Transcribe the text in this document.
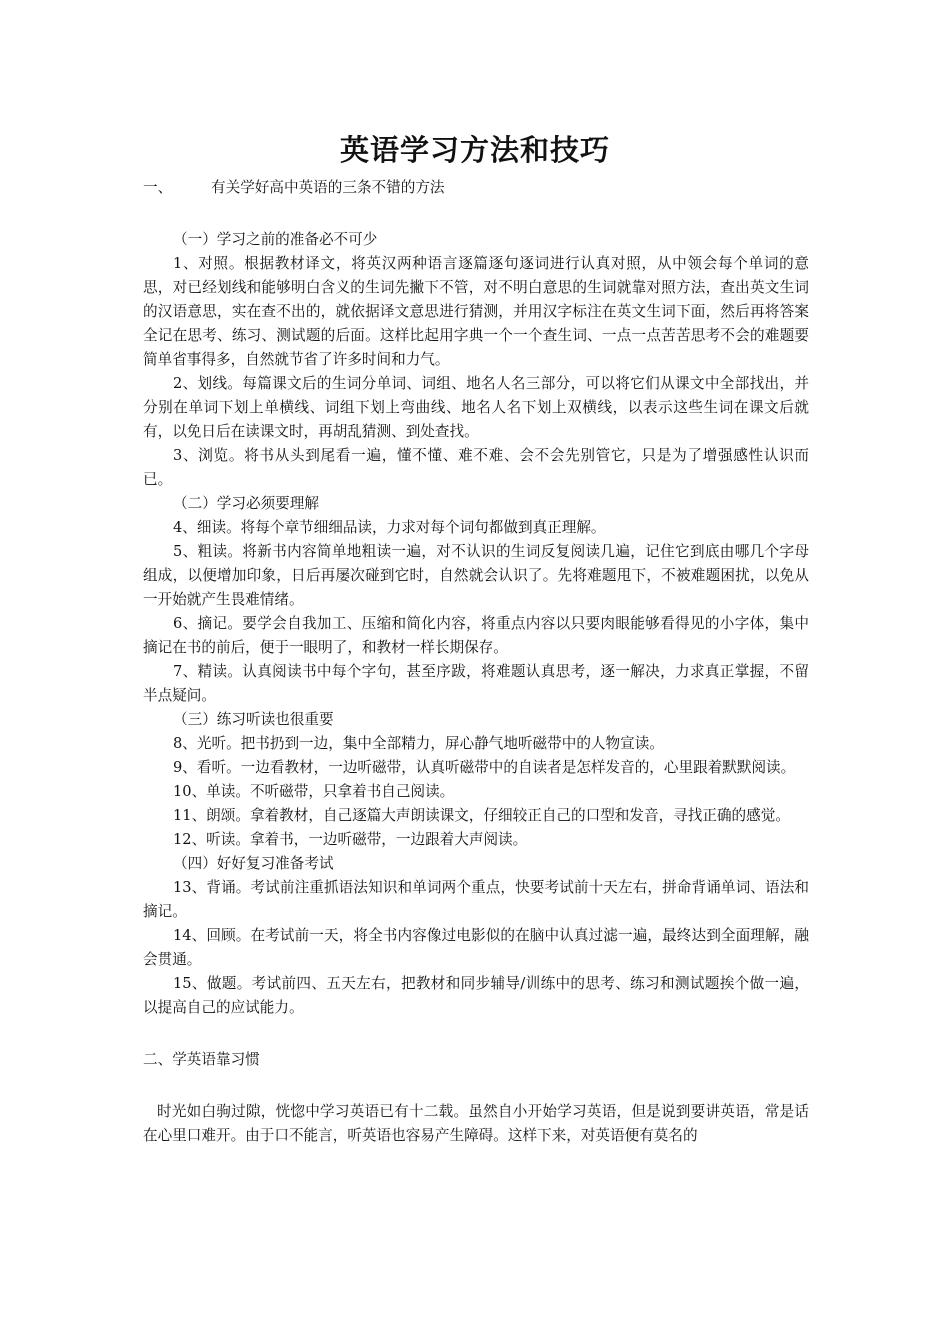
英语学习方法和技巧

一、	有关学好高中英语的三条不错的方法

（一）学习之前的准备必不可少

1、对照。根据教材译文，将英汉两种语言逐篇逐句逐词进行认真对照，从中领会每个单词的意思，对已经划线和能够明白含义的生词先撇下不管，对不明白意思的生词就靠对照方法，查出英文生词的汉语意思，实在查不出的，就依据译文意思进行猜测，并用汉字标注在英文生词下面，然后再将答案全记在思考、练习、测试题的后面。这样比起用字典一个一个查生词、一点一点苦苦思考不会的难题要简单省事得多，自然就节省了许多时间和力气。

2、划线。每篇课文后的生词分单词、词组、地名人名三部分，可以将它们从课文中全部找出，并分别在单词下划上单横线、词组下划上弯曲线、地名人名下划上双横线，以表示这些生词在课文后就有，以免日后在读课文时，再胡乱猜测、到处查找。

3、浏览。将书从头到尾看一遍，懂不懂、难不难、会不会先别管它，只是为了增强感性认识而已。

（二）学习必须要理解

4、细读。将每个章节细细品读，力求对每个词句都做到真正理解。

5、粗读。将新书内容简单地粗读一遍，对不认识的生词反复阅读几遍，记住它到底由哪几个字母组成，以便增加印象，日后再屡次碰到它时，自然就会认识了。先将难题甩下，不被难题困扰，以免从一开始就产生畏难情绪。

6、摘记。要学会自我加工、压缩和简化内容，将重点内容以只要肉眼能够看得见的小字体，集中摘记在书的前后，便于一眼明了，和教材一样长期保存。

7、精读。认真阅读书中每个字句，甚至序跋，将难题认真思考，逐一解决，力求真正掌握，不留半点疑问。

（三）练习听读也很重要

8、光听。把书扔到一边，集中全部精力，屏心静气地听磁带中的人物宣读。

9、看听。一边看教材，一边听磁带，认真听磁带中的自读者是怎样发音的，心里跟着默默阅读。

10、单读。不听磁带，只拿着书自己阅读。

11、朗颂。拿着教材，自己逐篇大声朗读课文，仔细较正自己的口型和发音，寻找正确的感觉。

12、听读。拿着书，一边听磁带，一边跟着大声阅读。

（四）好好复习准备考试

13、背诵。考试前注重抓语法知识和单词两个重点，快要考试前十天左右，拼命背诵单词、语法和摘记。

14、回顾。在考试前一天，将全书内容像过电影似的在脑中认真过滤一遍，最终达到全面理解，融会贯通。

15、做题。考试前四、五天左右，把教材和同步辅导/训练中的思考、练习和测试题挨个做一遍，以提高自己的应试能力。

二、学英语靠习惯

时光如白驹过隙，恍惚中学习英语已有十二载。虽然自小开始学习英语，但是说到要讲英语，常是话在心里口难开。由于口不能言，听英语也容易产生障碍。这样下来，对英语便有莫名的
